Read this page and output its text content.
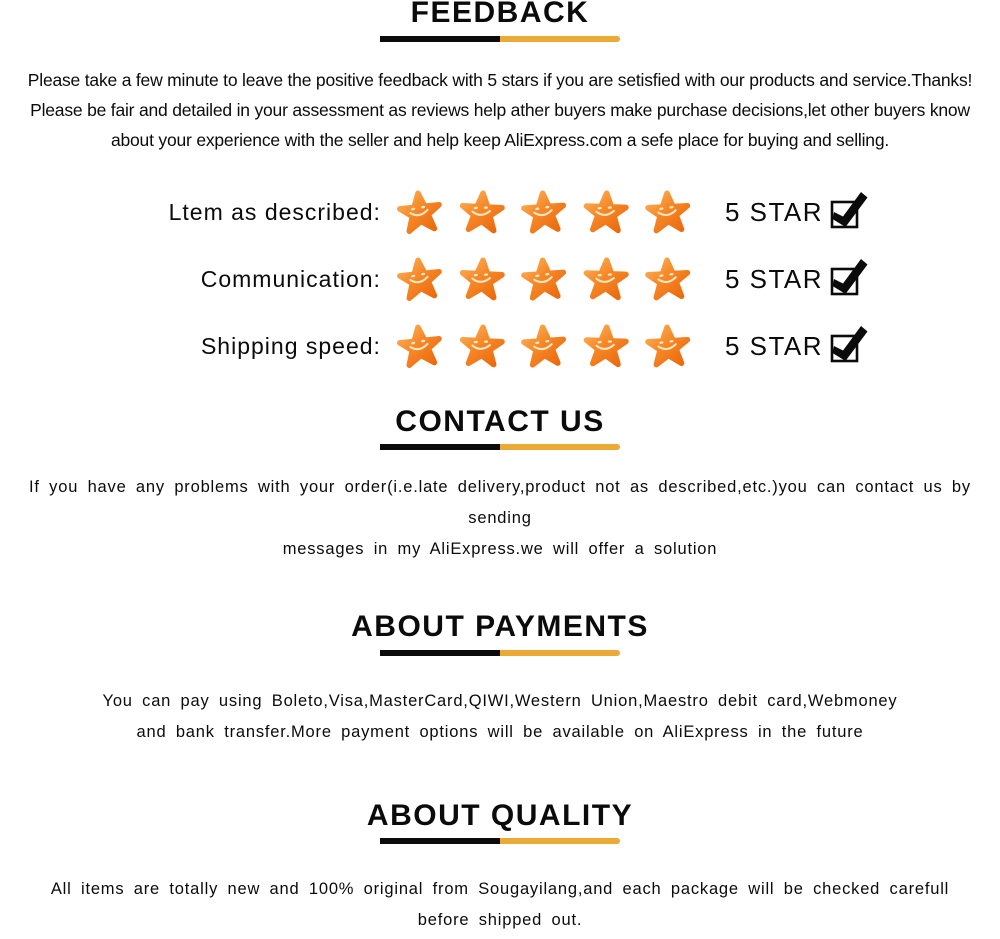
FEEDBACK
Please take a few minute to leave the positive feedback with 5 stars if you are setisfied with our products and service.Thanks!
Please be fair and detailed in your assessment as reviews help ather buyers make purchase decisions,let other buyers know
about your experience with the seller and help keep AliExpress.com a sefe place for buying and selling.
Ltem as described:	5 STAR
Communication:	5 STAR
Shipping speed:	5 STAR
CONTACT US
If you have any problems with your order(i.e.late delivery,product not as described,etc.)you can contact us by sending
messages in my AliExpress.we will offer a solution
ABOUT PAYMENTS
You can pay using Boleto,Visa,MasterCard,QIWI,Western Union,Maestro debit card,Webmoney
and bank transfer.More payment options will be available on AliExpress in the future
ABOUT QUALITY
All items are totally new and 100% original from Sougayilang,and each package will be checked carefull
before shipped out.
